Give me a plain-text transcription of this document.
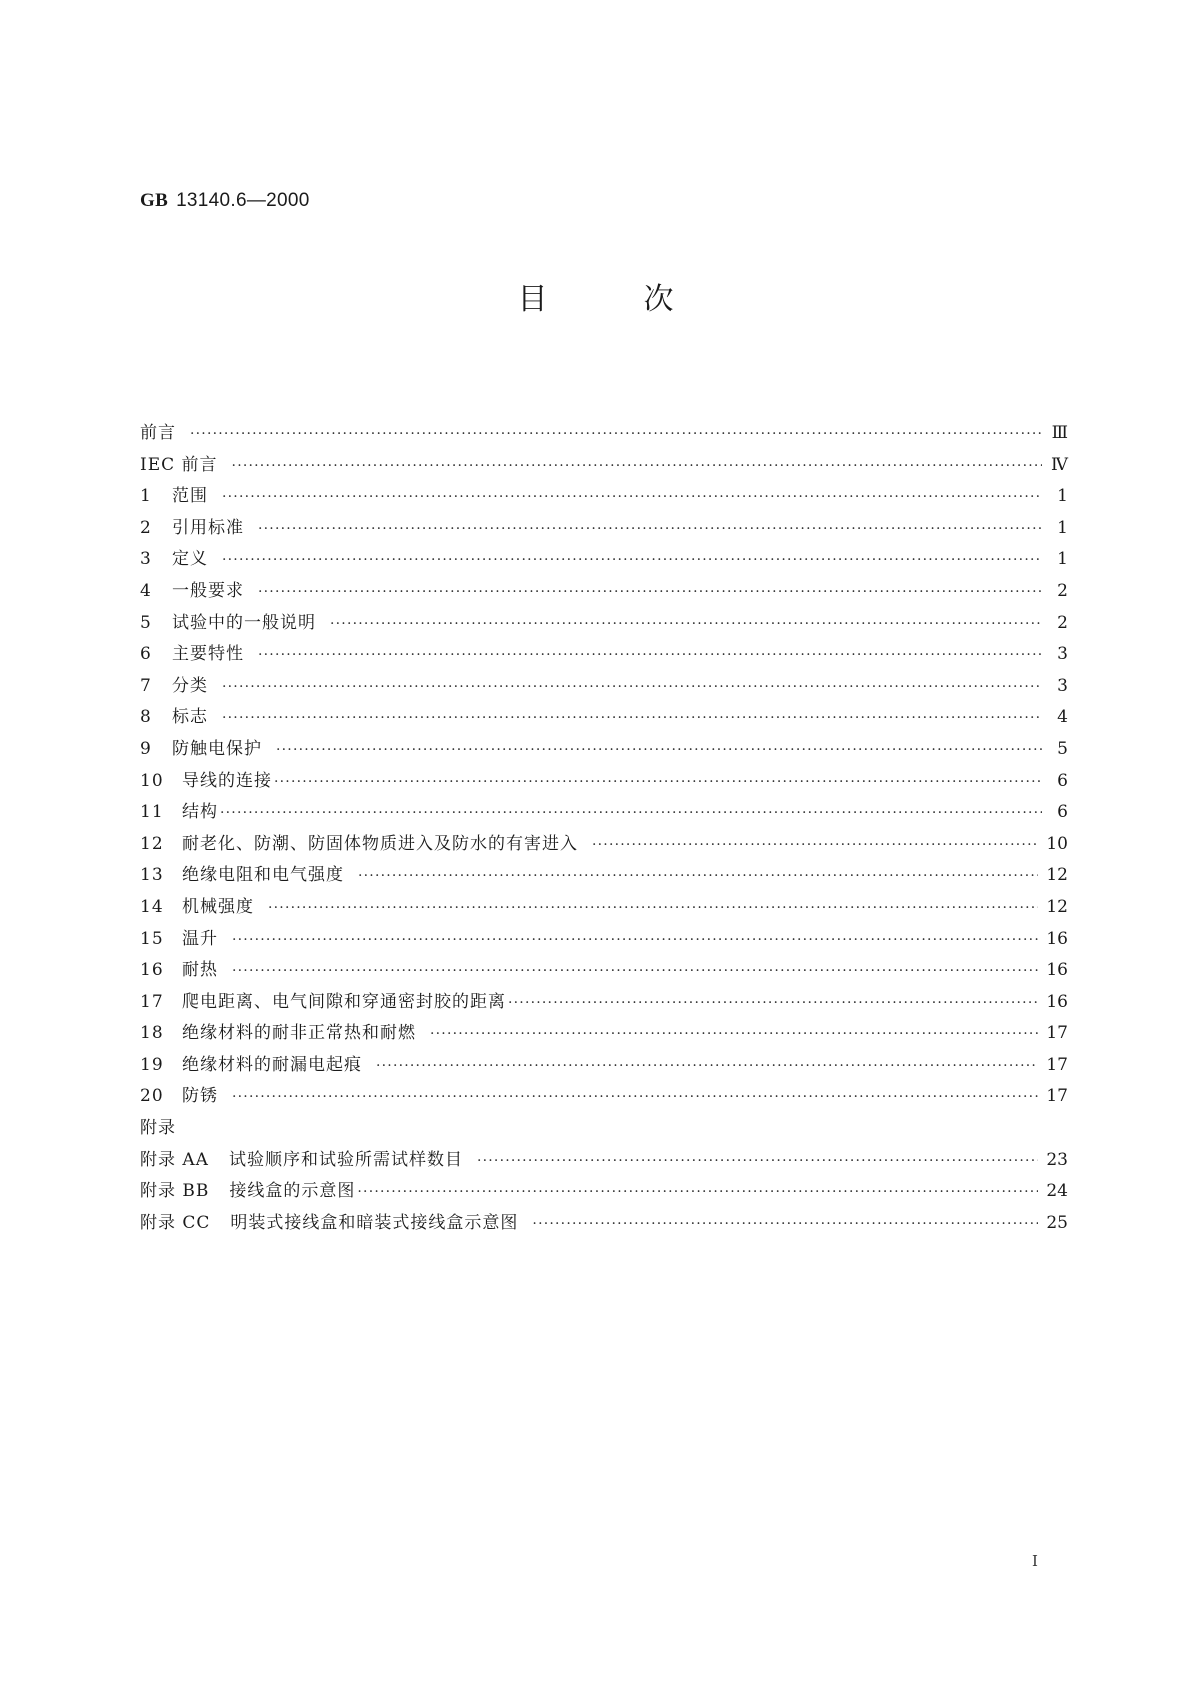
GB 13140.6—2000
目次
前言 ·····	Ⅲ
IEC 前言 ·····	Ⅳ
1 范围 ·····	1
2 引用标准 ·····	1
3 定义 ·····	1
4 一般要求 ·····	2
5 试验中的一般说明 ·····	2
6 主要特性 ·····	3
7 分类 ·····	3
8 标志 ·····	4
9 防触电保护 ·····	5
10 导线的连接 ·····	6
11 结构 ·····	6
12 耐老化、防潮、防固体物质进入及防水的有害进入 ·····	10
13 绝缘电阻和电气强度 ·····	12
14 机械强度 ·····	12
15 温升 ·····	16
16 耐热 ·····	16
17 爬电距离、电气间隙和穿通密封胶的距离 ·····	16
18 绝缘材料的耐非正常热和耐燃 ·····	17
19 绝缘材料的耐漏电起痕 ·····	17
20 防锈 ·····	17
附录
附录 AA 试验顺序和试验所需试样数目 ·····	23
附录 BB 接线盒的示意图 ·····	24
附录 CC 明装式接线盒和暗装式接线盒示意图 ·····	25
I
